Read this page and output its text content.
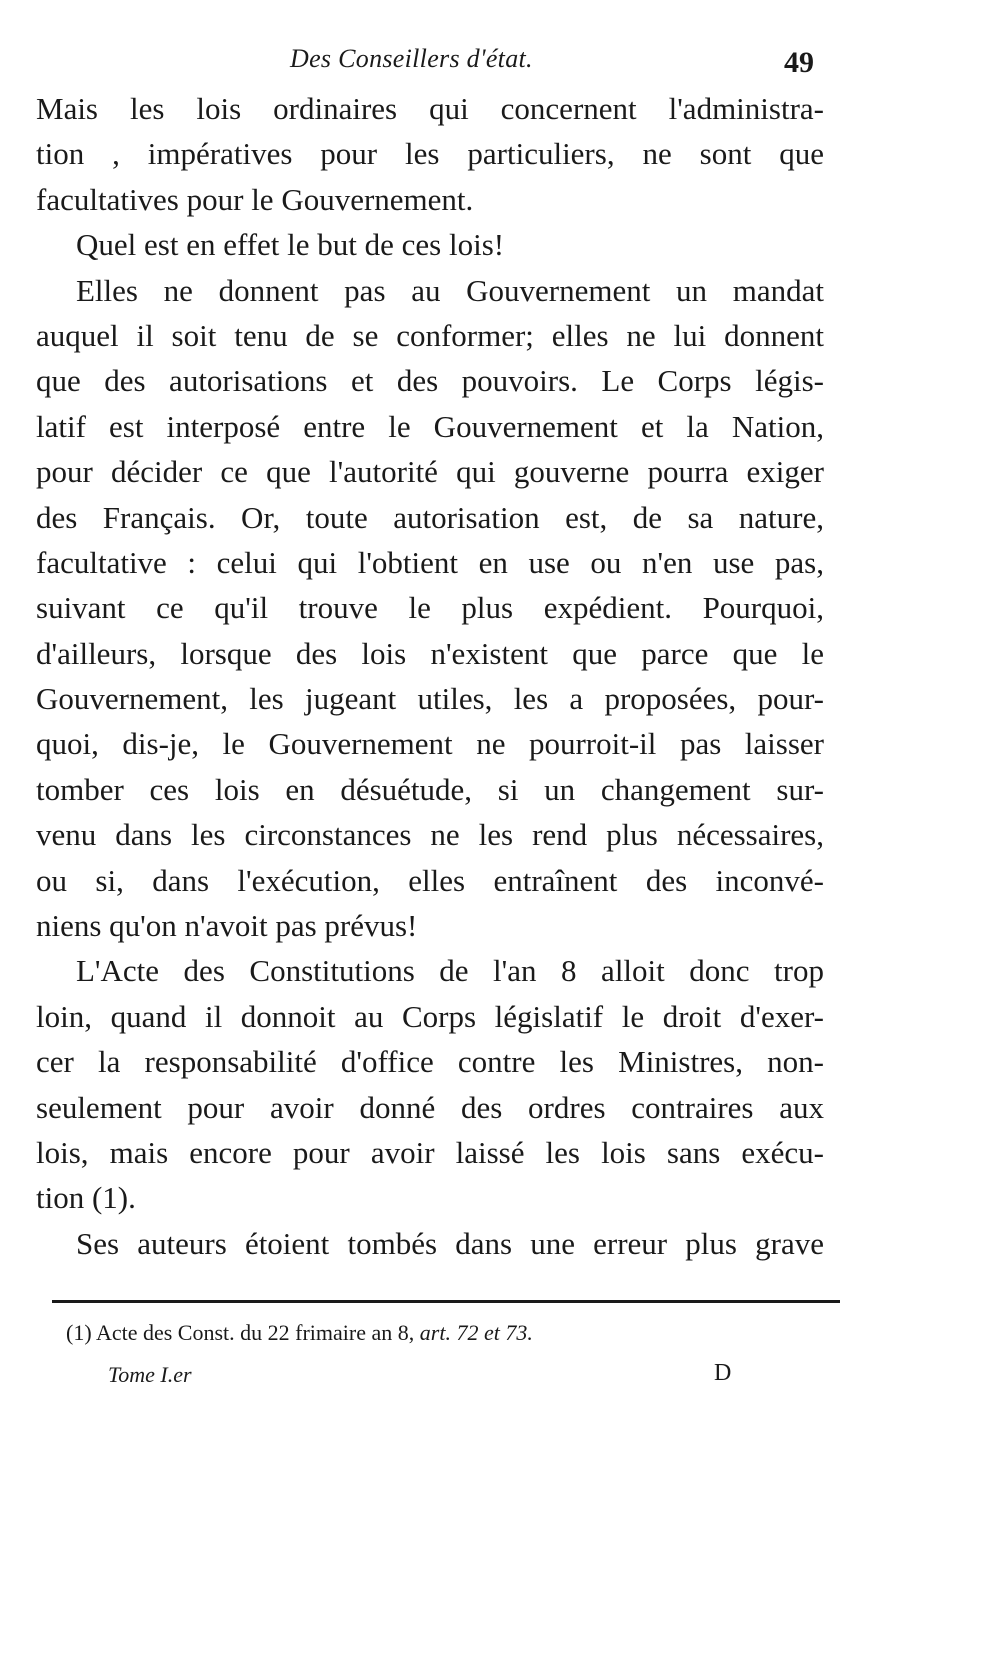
Des Conseillers d'état.	49
Mais les lois ordinaires qui concernent l'administra-
tion , impératives pour les particuliers, ne sont que
facultatives pour le Gouvernement.
Quel est en effet le but de ces lois!
Elles ne donnent pas au Gouvernement un mandat
auquel il soit tenu de se conformer; elles ne lui donnent
que des autorisations et des pouvoirs. Le Corps légis-
latif est interposé entre le Gouvernement et la Nation,
pour décider ce que l'autorité qui gouverne pourra exiger
des Français. Or, toute autorisation est, de sa nature,
facultative : celui qui l'obtient en use ou n'en use pas,
suivant ce qu'il trouve le plus expédient. Pourquoi,
d'ailleurs, lorsque des lois n'existent que parce que le
Gouvernement, les jugeant utiles, les a proposées, pour-
quoi, dis-je, le Gouvernement ne pourroit-il pas laisser
tomber ces lois en désuétude, si un changement sur-
venu dans les circonstances ne les rend plus nécessaires,
ou si, dans l'exécution, elles entraînent des inconvé-
niens qu'on n'avoit pas prévus!
L'Acte des Constitutions de l'an 8 alloit donc trop
loin, quand il donnoit au Corps législatif le droit d'exer-
cer la responsabilité d'office contre les Ministres, non-
seulement pour avoir donné des ordres contraires aux
lois, mais encore pour avoir laissé les lois sans exécu-
tion (1).
Ses auteurs étoient tombés dans une erreur plus grave
(1) Acte des Const. du 22 frimaire an 8, art. 72 et 73.
Tome I.er	D
